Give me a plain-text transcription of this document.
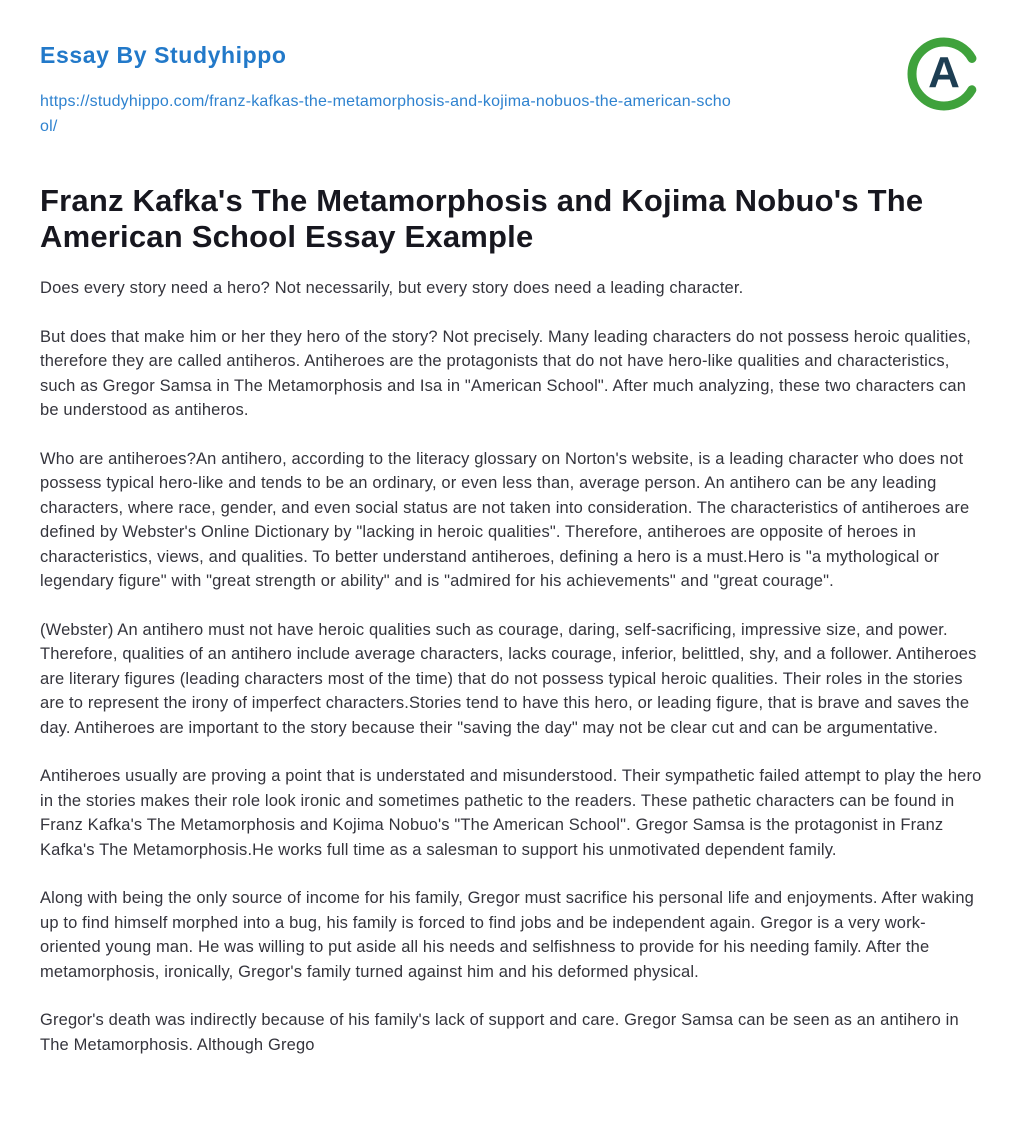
Essay By Studyhippo
https://studyhippo.com/franz-kafkas-the-metamorphosis-and-kojima-nobuos-the-american-school/
A
Franz Kafka's The Metamorphosis and Kojima Nobuo's The American School Essay Example

Does every story need a hero? Not necessarily, but every story does need a leading character.

But does that make him or her they hero of the story? Not precisely. Many leading characters do not possess heroic qualities, therefore they are called antiheros. Antiheroes are the protagonists that do not have hero-like qualities and characteristics, such as Gregor Samsa in The Metamorphosis and Isa in "American School". After much analyzing, these two characters can be understood as antiheros.

Who are antiheroes?An antihero, according to the literacy glossary on Norton's website, is a leading character who does not possess typical hero-like and tends to be an ordinary, or even less than, average person. An antihero can be any leading characters, where race, gender, and even social status are not taken into consideration. The characteristics of antiheroes are defined by Webster's Online Dictionary by "lacking in heroic qualities". Therefore, antiheroes are opposite of heroes in characteristics, views, and qualities. To better understand antiheroes, defining a hero is a must.Hero is "a mythological or legendary figure" with "great strength or ability" and is "admired for his achievements" and "great courage".

(Webster) An antihero must not have heroic qualities such as courage, daring, self-sacrificing, impressive size, and power. Therefore, qualities of an antihero include average characters, lacks courage, inferior, belittled, shy, and a follower. Antiheroes are literary figures (leading characters most of the time) that do not possess typical heroic qualities. Their roles in the stories are to represent the irony of imperfect characters.Stories tend to have this hero, or leading figure, that is brave and saves the day. Antiheroes are important to the story because their "saving the day" may not be clear cut and can be argumentative.

Antiheroes usually are proving a point that is understated and misunderstood. Their sympathetic failed attempt to play the hero in the stories makes their role look ironic and sometimes pathetic to the readers. These pathetic characters can be found in Franz Kafka's The Metamorphosis and Kojima Nobuo's "The American School". Gregor Samsa is the protagonist in Franz Kafka's The Metamorphosis.He works full time as a salesman to support his unmotivated dependent family.

Along with being the only source of income for his family, Gregor must sacrifice his personal life and enjoyments. After waking up to find himself morphed into a bug, his family is forced to find jobs and be independent again. Gregor is a very work-oriented young man. He was willing to put aside all his needs and selfishness to provide for his needing family. After the metamorphosis, ironically, Gregor's family turned against him and his deformed physical.

Gregor's death was indirectly because of his family's lack of support and care. Gregor Samsa can be seen as an antihero in The Metamorphosis. Although Grego
